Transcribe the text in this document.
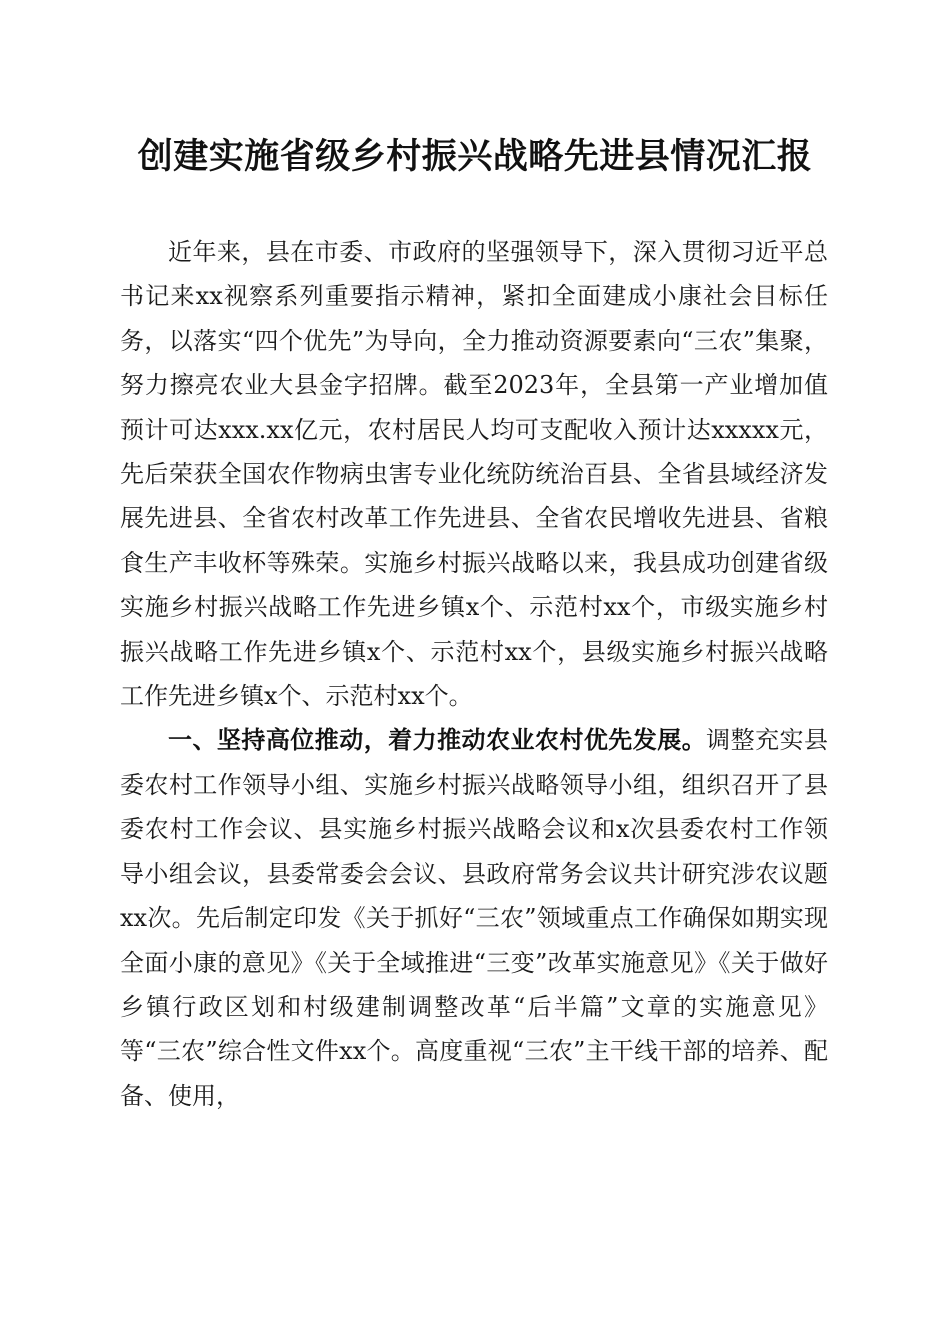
创建实施省级乡村振兴战略先进县情况汇报

近年来，县在市委、市政府的坚强领导下，深入贯彻习近平总书记来xx视察系列重要指示精神，紧扣全面建成小康社会目标任务，以落实“四个优先”为导向，全力推动资源要素向“三农”集聚，努力擦亮农业大县金字招牌。截至2023年，全县第一产业增加值预计可达xxx.xx亿元，农村居民人均可支配收入预计达xxxxx元，先后荣获全国农作物病虫害专业化统防统治百县、全省县域经济发展先进县、全省农村改革工作先进县、全省农民增收先进县、省粮食生产丰收杯等殊荣。实施乡村振兴战略以来，我县成功创建省级实施乡村振兴战略工作先进乡镇x个、示范村xx个，市级实施乡村振兴战略工作先进乡镇x个、示范村xx个，县级实施乡村振兴战略工作先进乡镇x个、示范村xx个。

一、坚持高位推动，着力推动农业农村优先发展。调整充实县委农村工作领导小组、实施乡村振兴战略领导小组，组织召开了县委农村工作会议、县实施乡村振兴战略会议和x次县委农村工作领导小组会议，县委常委会会议、县政府常务会议共计研究涉农议题xx次。先后制定印发《关于抓好“三农”领域重点工作确保如期实现全面小康的意见》《关于全域推进“三变”改革实施意见》《关于做好乡镇行政区划和村级建制调整改革“后半篇”文章的实施意见》等“三农”综合性文件xx个。高度重视“三农”主干线干部的培养、配备、使用，
